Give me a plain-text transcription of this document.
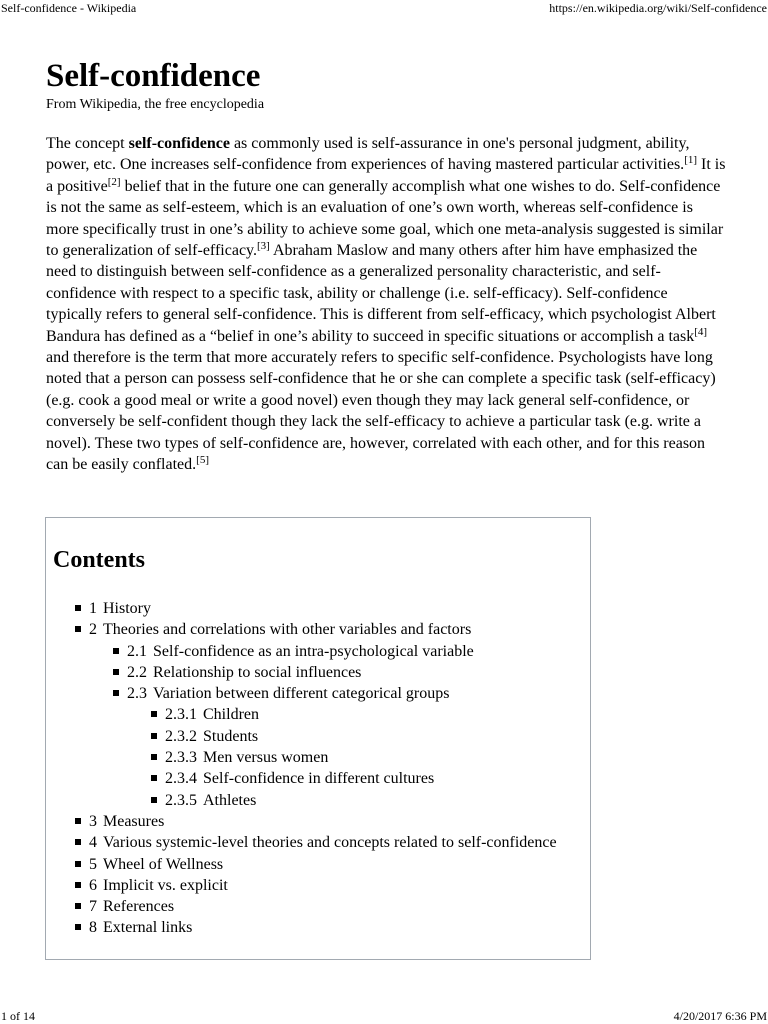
Self-confidence - Wikipedia	https://en.wikipedia.org/wiki/Self-confidence
Self-confidence
From Wikipedia, the free encyclopedia

The concept self-confidence as commonly used is self-assurance in one's personal judgment, ability, power, etc. One increases self-confidence from experiences of having mastered particular activities.[1] It is a positive[2] belief that in the future one can generally accomplish what one wishes to do. Self-confidence is not the same as self-esteem, which is an evaluation of one’s own worth, whereas self-confidence is more specifically trust in one’s ability to achieve some goal, which one meta-analysis suggested is similar to generalization of self-efficacy.[3] Abraham Maslow and many others after him have emphasized the need to distinguish between self-confidence as a generalized personality characteristic, and self-confidence with respect to a specific task, ability or challenge (i.e. self-efficacy). Self-confidence typically refers to general self-confidence. This is different from self-efficacy, which psychologist Albert Bandura has defined as a “belief in one’s ability to succeed in specific situations or accomplish a task[4] and therefore is the term that more accurately refers to specific self-confidence. Psychologists have long noted that a person can possess self-confidence that he or she can complete a specific task (self-efficacy) (e.g. cook a good meal or write a good novel) even though they may lack general self-confidence, or conversely be self-confident though they lack the self-efficacy to achieve a particular task (e.g. write a novel). These two types of self-confidence are, however, correlated with each other, and for this reason can be easily conflated.[5]

Contents
1 History
2 Theories and correlations with other variables and factors
2.1 Self-confidence as an intra-psychological variable
2.2 Relationship to social influences
2.3 Variation between different categorical groups
2.3.1 Children
2.3.2 Students
2.3.3 Men versus women
2.3.4 Self-confidence in different cultures
2.3.5 Athletes
3 Measures
4 Various systemic-level theories and concepts related to self-confidence
5 Wheel of Wellness
6 Implicit vs. explicit
7 References
8 External links
1 of 14	4/20/2017 6:36 PM
